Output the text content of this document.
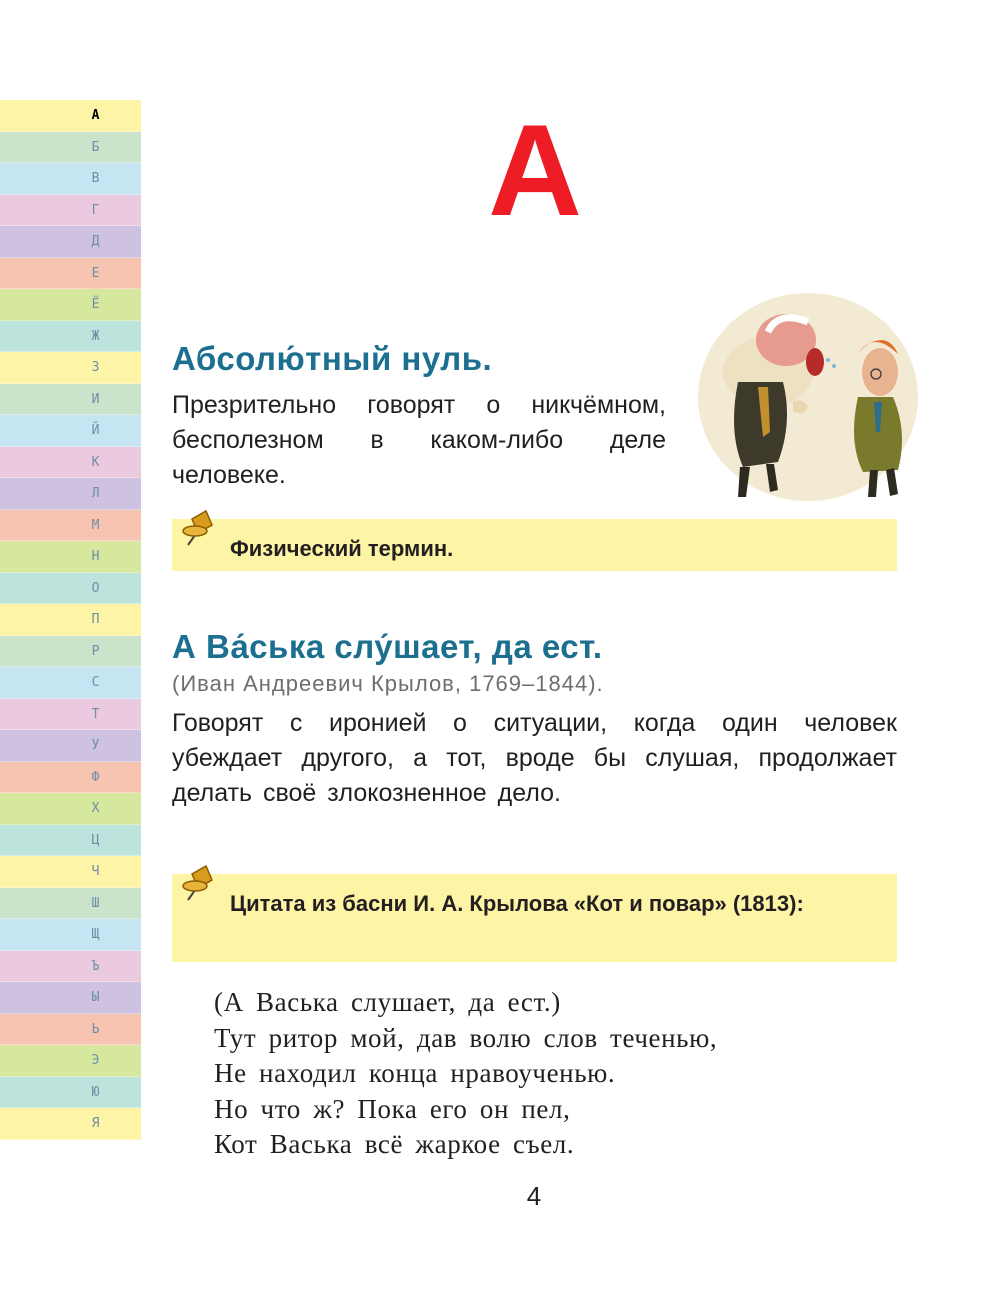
А
Б
В
Г
Д
Е
Ё
Ж
З
И
Й
К
Л
М
Н
О
П
Р
С
Т
У
Ф
Х
Ц
Ч
Ш
Щ
Ъ
Ы
Ь
Э
Ю
Я
А
Абсолю́тный нуль.
Презрительно говорят о никчёмном, бесполезном в каком-либо деле человеке.
Физический термин.
А Ва́ська слу́шает, да ест.
(Иван Андреевич Крылов, 1769–1844).
Говорят с иронией о ситуации, когда один человек убеждает другого, а тот, вроде бы слушая, продолжает делать своё злокозненное дело.
Цитата из басни И. А. Крылова «Кот и повар» (1813):
(А Васька слушает, да ест.)
Тут ритор мой, дав волю слов теченью,
Не находил конца нравоученью.
Но что ж? Пока его он пел,
Кот Васька всё жаркое съел.
4
